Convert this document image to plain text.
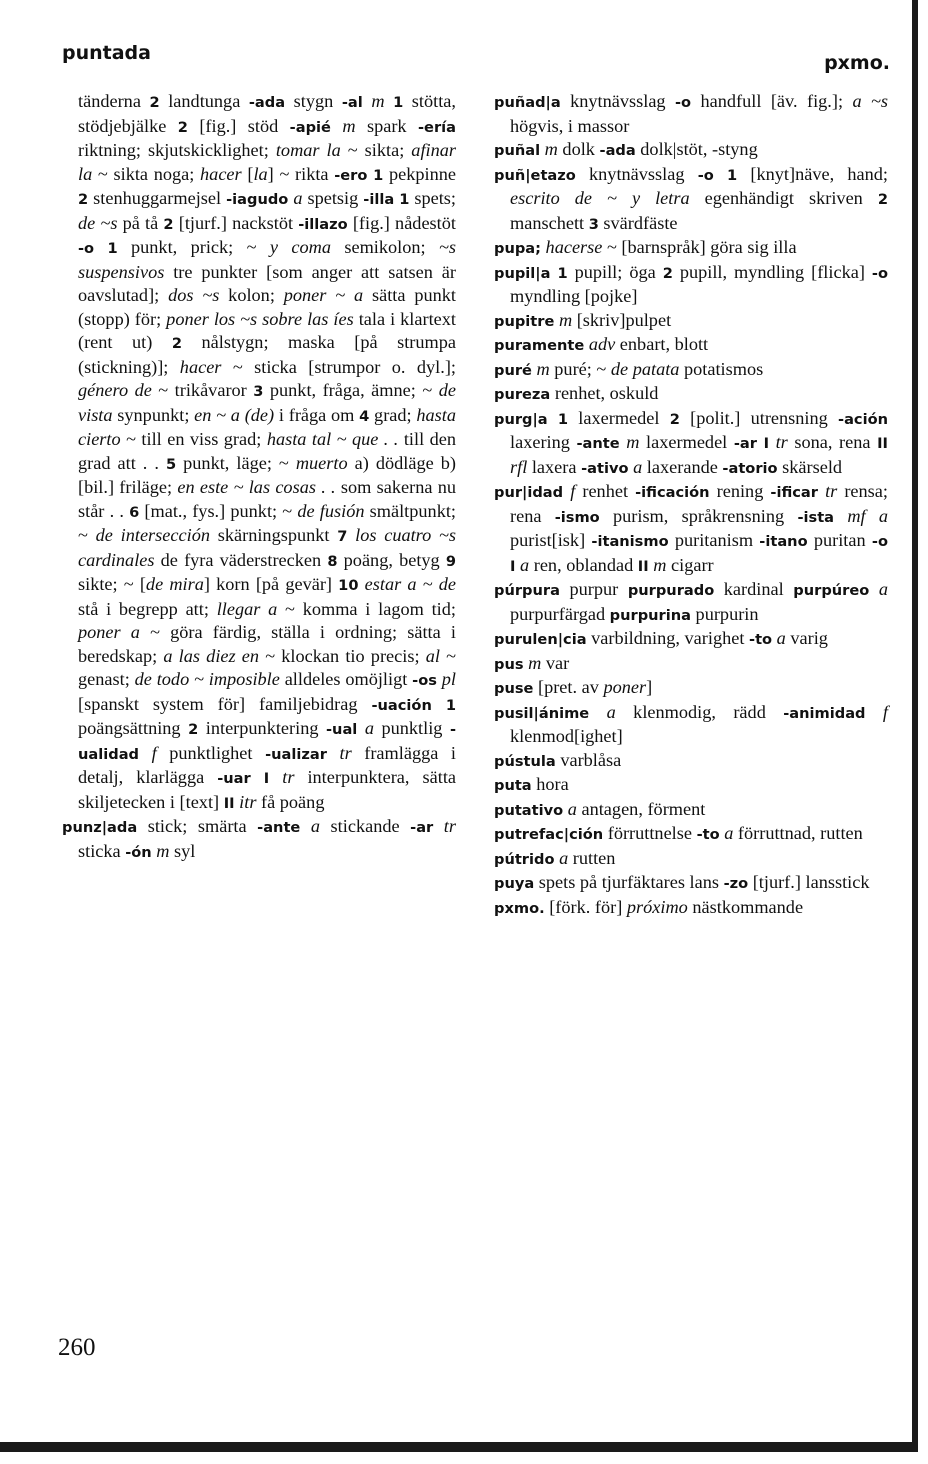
puntada	pxmo.

tänderna 2 landtunga -ada stygn -al m 1 stötta, stödjebjälke 2 [fig.] stöd -apié m spark -ería riktning; skjutskicklighet; tomar la ~ sikta; afinar la ~ sikta noga; hacer [la] ~ rikta -ero 1 pekpinne 2 stenhuggarmejsel -iagudo a spetsig -illa 1 spets; de ~s på tå 2 [tjurf.] nackstöt -illazo [fig.] nådestöt -o 1 punkt, prick; ~ y coma semikolon; ~s suspensivos tre punkter [som anger att satsen är oavslutad]; dos ~s kolon; poner ~ a sätta punkt (stopp) för; poner los ~s sobre las íes tala i klartext (rent ut) 2 nålstygn; maska [på strumpa (stickning)]; hacer ~ sticka [strumpor o. dyl.]; género de ~ trikåvaror 3 punkt, fråga, ämne; ~ de vista synpunkt; en ~ a (de) i fråga om 4 grad; hasta cierto ~ till en viss grad; hasta tal ~ que . . till den grad att . . 5 punkt, läge; ~ muerto a) dödläge b) [bil.] friläge; en este ~ las cosas . . som sakerna nu står . . 6 [mat., fys.] punkt; ~ de fusión smältpunkt; ~ de intersección skärningspunkt 7 los cuatro ~s cardinales de fyra väderstrecken 8 poäng, betyg 9 sikte; ~ [de mira] korn [på gevär] 10 estar a ~ de stå i begrepp att; llegar a ~ komma i lagom tid; poner a ~ göra färdig, ställa i ordning; sätta i beredskap; a las diez en ~ klockan tio precis; al ~ genast; de todo ~ imposible alldeles omöjligt -os pl [spanskt system för] familjebidrag -uación 1 poängsättning 2 interpunktering -ual a punktlig -ualidad f punktlighet -ualizar tr framlägga i detalj, klarlägga -uar I tr interpunktera, sätta skiljetecken i [text] II itr få poäng

punz|ada stick; smärta -ante a stickande -ar tr sticka -ón m syl

puñad|a knytnävsslag -o handfull [äv. fig.]; a ~s högvis, i massor

puñal m dolk -ada dolk|stöt, -styng

puñ|etazo knytnävsslag -o 1 [knyt]näve, hand; escrito de ~ y letra egenhändigt skriven 2 manschett 3 svärdfäste

pupa; hacerse ~ [barnspråk] göra sig illa

pupil|a 1 pupill; öga 2 pupill, myndling [flicka] -o myndling [pojke]

pupitre m [skriv]pulpet

puramente adv enbart, blott

puré m puré; ~ de patata potatismos

pureza renhet, oskuld

purg|a 1 laxermedel 2 [polit.] utrensning -ación laxering -ante m laxermedel -ar I tr sona, rena II rfl laxera -ativo a laxerande -atorio skärseld

pur|idad f renhet -ificación rening -ificar tr rensa; rena -ismo purism, språkrensning -ista mf a purist[isk] -itanismo puritanism -itano puritan -o I a ren, oblandad II m cigarr

púrpura purpur purpurado kardinal purpúreo a purpurfärgad purpurina purpurin

purulen|cia varbildning, varighet -to a varig

pus m var

puse [pret. av poner]

pusil|ánime a klenmodig, rädd -animidad f klenmod[ighet]

pústula varblåsa

puta hora

putativo a antagen, förment

putrefac|ción förruttnelse -to a förruttnad, rutten

pútrido a rutten

puya spets på tjurfäktares lans -zo [tjurf.] lansstick

pxmo. [förk. för] próximo nästkommande

260
